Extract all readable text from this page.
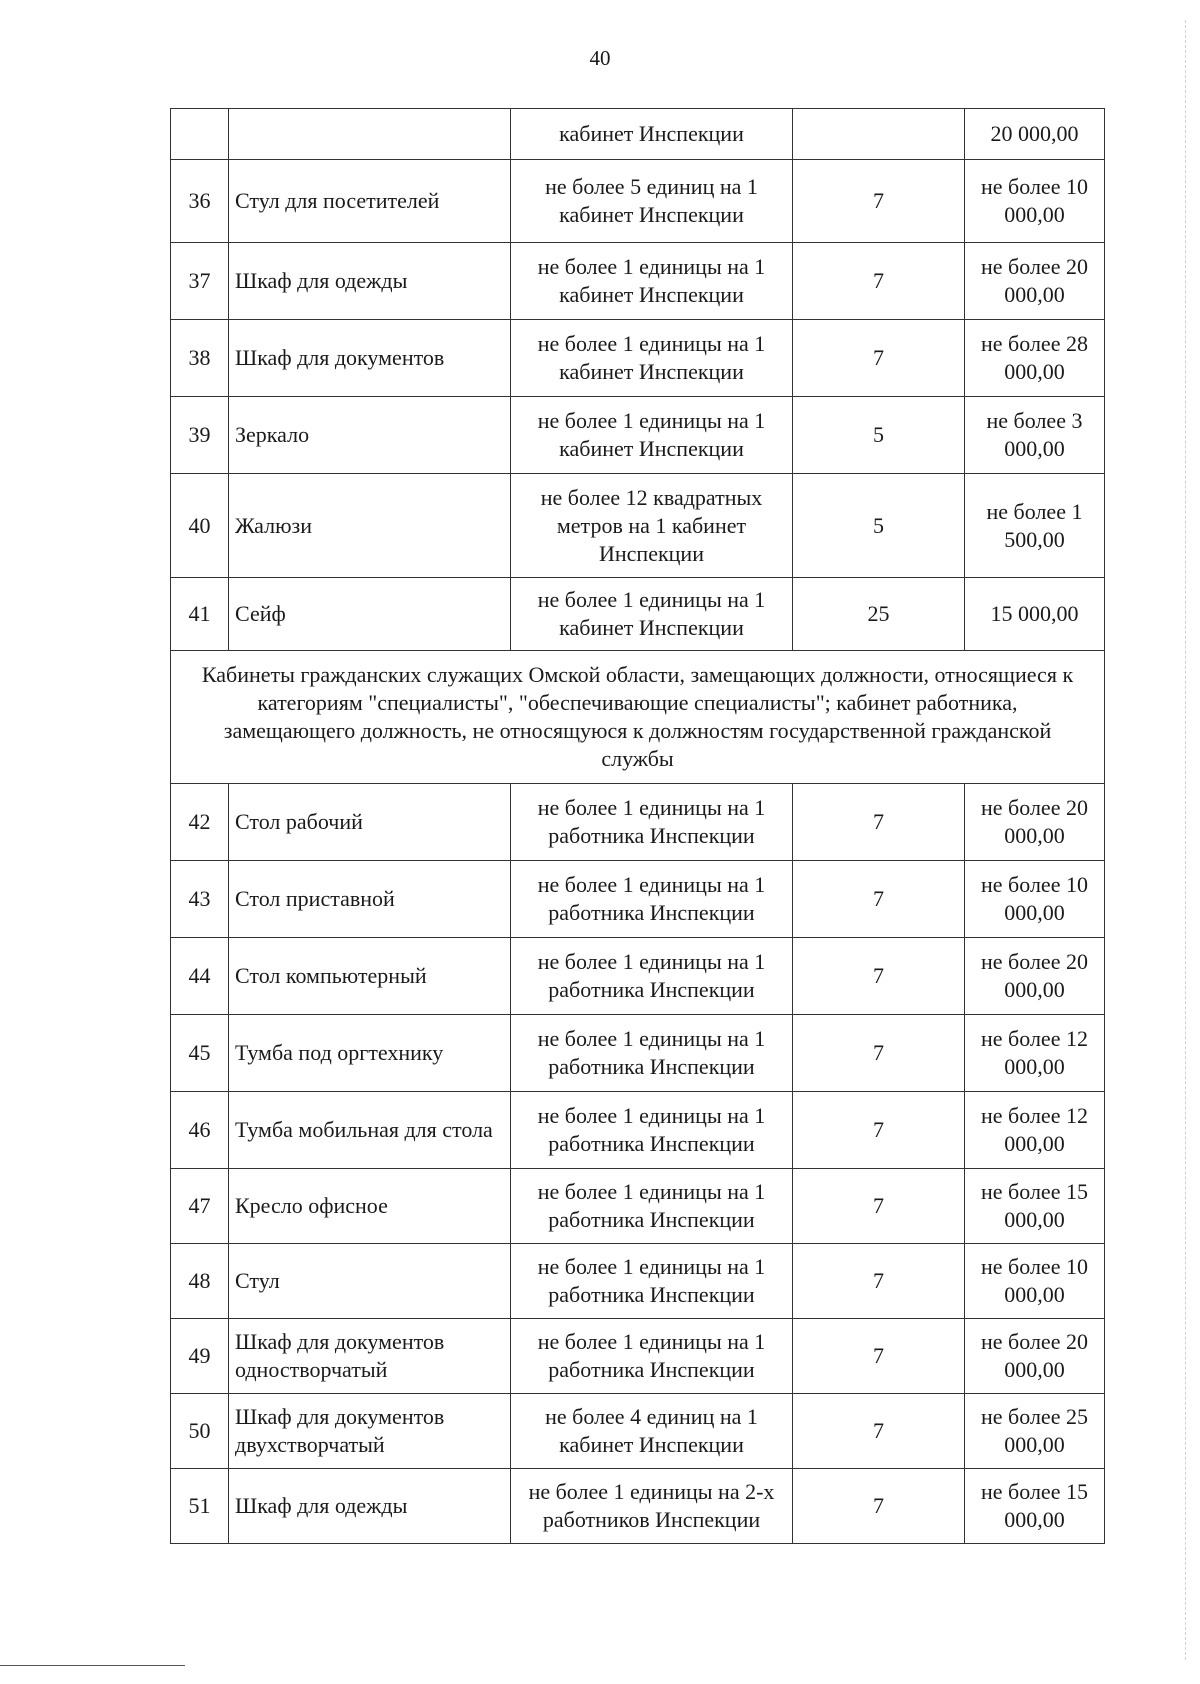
40
		кабинет Инспекции		20 000,00
36	Стул для посетителей	не более 5 единиц на 1 кабинет Инспекции	7	не более 10 000,00
37	Шкаф для одежды	не более 1 единицы на 1 кабинет Инспекции	7	не более 20 000,00
38	Шкаф для документов	не более 1 единицы на 1 кабинет Инспекции	7	не более 28 000,00
39	Зеркало	не более 1 единицы на 1 кабинет Инспекции	5	не более 3 000,00
40	Жалюзи	не более 12 квадратных метров на 1 кабинет Инспекции	5	не более 1 500,00
41	Сейф	не более 1 единицы на 1 кабинет Инспекции	25	15 000,00
Кабинеты гражданских служащих Омской области, замещающих должности, относящиеся к категориям "специалисты", "обеспечивающие специалисты"; кабинет работника, замещающего должность, не относящуюся к должностям государственной гражданской службы				
42	Стол рабочий	не более 1 единицы на 1 работника Инспекции	7	не более 20 000,00
43	Стол приставной	не более 1 единицы на 1 работника Инспекции	7	не более 10 000,00
44	Стол компьютерный	не более 1 единицы на 1 работника Инспекции	7	не более 20 000,00
45	Тумба под оргтехнику	не более 1 единицы на 1 работника Инспекции	7	не более 12 000,00
46	Тумба мобильная для стола	не более 1 единицы на 1 работника Инспекции	7	не более 12 000,00
47	Кресло офисное	не более 1 единицы на 1 работника Инспекции	7	не более 15 000,00
48	Стул	не более 1 единицы на 1 работника Инспекции	7	не более 10 000,00
49	Шкаф для документов одностворчатый	не более 1 единицы на 1 работника Инспекции	7	не более 20 000,00
50	Шкаф для документов двухстворчатый	не более 4 единиц на 1 кабинет Инспекции	7	не более 25 000,00
51	Шкаф для одежды	не более 1 единицы на 2-х работников Инспекции	7	не более 15 000,00
